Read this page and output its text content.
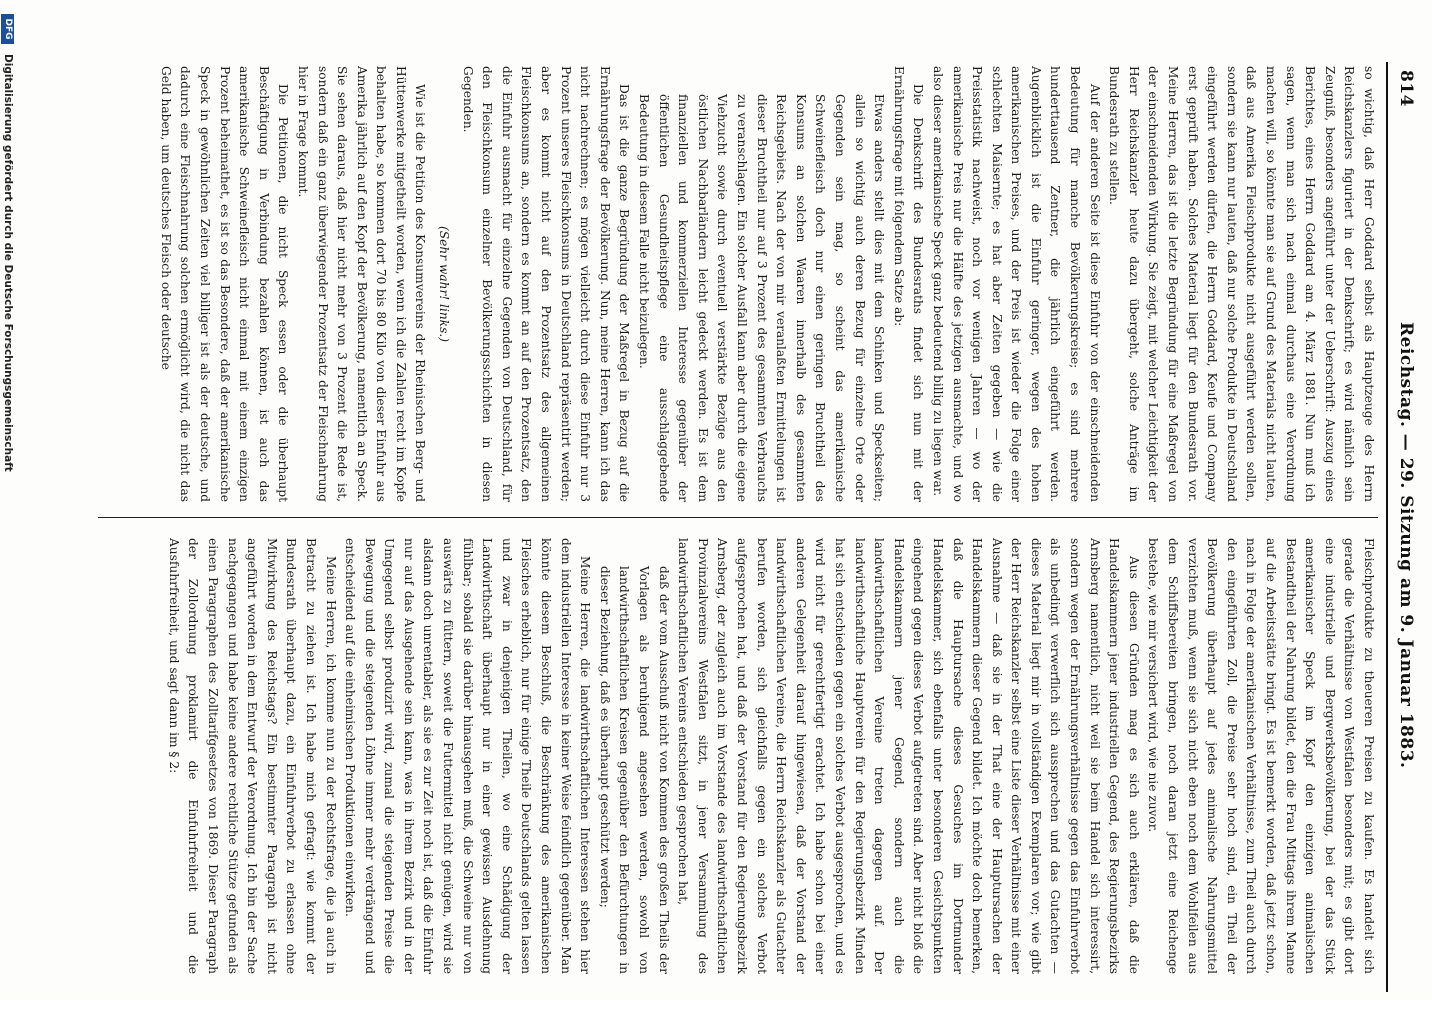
814
Reichstag. — 29. Sitzung am 9. Januar 1883.

so wichtig, daß Herr Goddard selbst als Hauptzeuge des Herrn Reichskanzlers figuriert in der Denkschrift; es wird nämlich sein Zeugniß, besonders angeführt unter der Ueberschrift: Auszug eines Berichtes, eines Herrn Goddard am 4. März 1881. Nun muß ich sagen, wenn man sich nach einmal durchaus eine Verordnung machen will, so könnte man sie auf Grund des Materials nicht lauten, daß aus Amerika Fleischprodukte nicht ausgeführt werden sollen, sondern sie kann nur lauten, daß nur solche Produkte in Deutschland eingeführt werden dürfen, die Herrn Goddard, Keufe und Company erst geprüft haben. Solches Material liegt für den Bundesrath vor. Meine Herren, das ist die letzte Begründung für eine Maßregel von der einschneidenden Wirkung. Sie zeigt, mit welcher Leichtigkeit der Herr Reichskanzler heute dazu übergeht, solche Anträge im Bundesrath zu stellen.

Auf der anderen Seite ist diese Einfuhr von der einschneidenden Bedeutung für manche Bevölkerungskreise; es sind mehrere hunderttausend Zentner, die jährlich eingeführt werden. Augenblicklich ist die Einfuhr geringer, wegen des hohen amerikanischen Preises, und der Preis ist wieder die Folge einer schlechten Maisernte; es hat aber Zeiten gegeben — wie die Preisstatistik nachweist, noch vor wenigen Jahren — wo der amerikanische Preis nur die Hälfte des jetzigen ausmachte, und wo also dieser amerikanische Speck ganz bedeutend billig zu liegen war.

Die Denkschrift des Bundesraths findet sich nun mit der Ernährungsfrage mit folgendem Satze ab:

Etwas anders stellt dies mit dem Schinken und Speckseiten; allein so wichtig auch deren Bezug für einzelne Orte oder Gegenden sein mag, so scheint das amerikanische Schweinefleisch doch nur einen geringen Bruchtheil des Konsums an solchen Waaren innerhalb des gesammten Reichsgebiets. Nach der von mir veranlaßten Ermittelungen ist dieser Bruchtheil nur auf 3 Prozent des gesammten Verbrauchs zu veranschlagen. Ein solcher Ausfall kann aber durch die eigene Viehzucht sowie durch eventuell verstärkte Bezüge aus den östlichen Nachbarländern leicht gedeckt werden. Es ist dem finanziellen und kommerziellen Interesse gegenüber der öffentlichen Gesundheitspflege eine ausschlaggebende Bedeutung in diesem Falle nicht beizulegen.

Das ist die ganze Begründung der Maßregel in Bezug auf die Ernährungsfrage der Bevölkerung. Nun, meine Herren, kann ich das nicht nachrechnen; es mögen vielleicht durch diese Einfuhr nur 3 Prozent unseres Fleischkonsums in Deutschland repräsentirt werden; aber es kommt nicht auf den Prozentsatz des allgemeinen Fleischkonsums an, sondern es kommt an auf den Prozentsatz, den die Einfuhr ausmacht für einzelne Gegenden von Deutschland, für den Fleischkonsum einzelner Bevölkerungsschichten in diesen Gegenden.

(Sehr wahr! links.)

Wie ist die Petition des Konsumvereins der Rheinischen Berg- und Hüttenwerke mitgetheilt worden, wenn ich die Zahlen recht im Kopfe behalten habe, so kommen dort 70 bis 80 Kilo von dieser Einfuhr aus Amerika jährlich auf den Kopf der Bevölkerung, namentlich an Speck. Sie sehen daraus, daß hier nicht mehr von 3 Prozent die Rede ist, sondern daß ein ganz überwiegender Prozentsatz der Fleischnahrung hier in Frage kommt.

Die Petitionen, die nicht Speck essen oder die überhaupt Beschäftigung in Verbindung bezahlen können, ist auch das amerikanische Schweinefleisch nicht einmal mit einem einzigen Prozent beheimathet, es ist so das Besondere, daß der amerikanische Speck in gewöhnlichen Zeiten viel billiger ist als der deutsche, und dadurch eine Fleischnahrung solchen ermöglicht wird, die nicht das Geld haben, um deutsches Fleisch oder deutsche

Fleischprodukte zu theueren Preisen zu kaufen. Es handelt sich gerade die Verhältnisse von Westfalen besonders mit; es gibt dort eine industrielle und Bergwerksbevölkerung, bei der das Stück amerikanischer Speck im Kopf den einzigen animalischen Bestandtheil der Nahrung bildet, den die Frau Mittags ihrem Manne auf die Arbeitsstätte bringt. Es ist bemerkt worden, daß jetzt schon, nach in Folge der amerikanischen Verhältnisse, zum Theil auch durch den eingeführten Zoll, die Preise sehr hoch sind, ein Theil der Bevölkerung überhaupt auf jedes animalische Nahrungsmittel verzichten muß, wenn sie sich nicht eben noch dem Wohlfeilen aus dem Schiffsbereiten bringen, noch daran jetzt eine Reichenge bestehe, wie mir versichert wird, wie nie zuvor.

Aus diesen Gründen mag es sich auch erklären, daß die Handelskammern jener industriellen Gegend, des Regierungsbezirks Arnsberg namentlich, nicht weil sie beim Handel sich interessirt, sondern wegen der Ernährungsverhältnisse gegen das Einfuhrverbot als unbedingt verwerflich sich aussprechen und das Gutachten — dieses Material liegt mir in vollständigen Exemplaren vor; wie gibt der Herr Reichskanzler selbst eine Liste dieser Verhältnisse mit einer Ausnahme — daß sie in der That eine der Hauptursachen der Handelskammern dieser Gegend bildet. Ich möchte doch bemerken, daß die Hauptursache dieses Gesuches im Dortmunder Handelskammer, sich ebenfalls unter besonderen Gesichtspunkten eingehend gegen dieses Verbot aufgetreten sind. Aber nicht bloß die Handelskammern jener Gegend, sondern auch die landwirthschaftlichen Vereine treten dagegen auf. Der landwirthschaftliche Hauptverein für den Regierungsbezirk Minden hat sich entschieden gegen ein solches Verbot ausgesprochen, und es wird nicht für gerechtfertigt erachtet. Ich habe schon bei einer anderen Gelegenheit darauf hingewiesen, daß der Vorstand der landwirthschaftlichen Vereine, die Herrn Reichskanzler als Gutachter berufen worden, sich gleichfalls gegen ein solches Verbot aufgesprochen hat, und daß der Vorstand für den Regierungsbezirk Arnsberg, der zugleich auch im Vorstande des landwirthschaftlichen Provinzialvereins Westfalen sitzt, in jener Versammlung des landwirthschaftlichen Vereins entschieden gesprochen hat,

daß der vom Ausschuß nicht von Kommen des großen Theils der Vorlagen als beruhigend angesehen werden, sowohl von landwirthschaftlichen Kreisen gegenüber den Befürchtungen in dieser Beziehung, daß es überhaupt geschützt werden;

Meine Herren, die landwirthschaftlichen Interessen stehen hier dem industriellen Interesse in keiner Weise feindlich gegenüber. Man könnte diesem Beschluß, die Beschränkung des amerikanischen Fleisches erheblich, nur für einige Theile Deutschlands gelten lassen und zwar in denjenigen Theilen, wo eine Schädigung der Landwirthschaft überhaupt nur in einer gewissen Ausdehnung fühlbar; sobald sie darüber hinausgehen muß, die Schweine nur von auswärts zu füttern, soweit die Futtermittel nicht genügen, wird sie alsdann doch unrentabler, als sie es zur Zeit noch ist, daß die Einfuhr nur auf das Ausgehende sein kann, was in ihrem Bezirk und in der Umgegend selbst produzirt wird, zumal die steigenden Preise die Bewegung und die steigenden Löhne immer mehr verdrängend und entscheidend auf die einheimischen Produktionen einwirken.

Meine Herren, ich komme nun zu der Rechtsfrage, die ja auch in Betracht zu ziehen ist. Ich habe mich gefragt: wie kommt der Bundesrath überhaupt dazu, ein Einfuhrverbot zu erlassen ohne Mitwirkung des Reichstags? Ein bestimmter Paragraph ist nicht angeführt worden in dem Entwurf der Verordnung. Ich bin der Sache nachgegangen und habe keine andere rechtliche Stütze gefunden als einen Paragraphen des Zolltarifgesetzes von 1869. Dieser Paragraph der Zollordnung proklamirt die Einfuhrfreiheit und die Ausfuhrfreiheit, und sagt dann im § 2:

DFG
Digitalisierung gefördert durch die Deutsche Forschungsgemeinschaft
